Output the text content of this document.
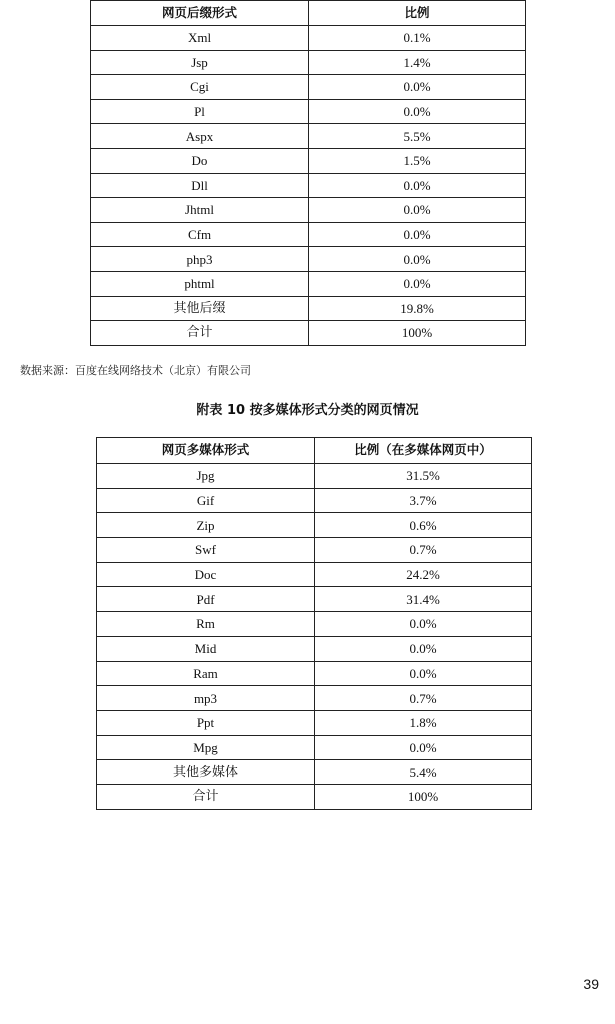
网页后缀形式	比例
Xml	0.1%
Jsp	1.4%
Cgi	0.0%
Pl	0.0%
Aspx	5.5%
Do	1.5%
Dll	0.0%
Jhtml	0.0%
Cfm	0.0%
php3	0.0%
phtml	0.0%
其他后缀	19.8%
合计	100%
数据来源：百度在线网络技术（北京）有限公司
附表 10 按多媒体形式分类的网页情况
网页多媒体形式	比例（在多媒体网页中）
Jpg	31.5%
Gif	3.7%
Zip	0.6%
Swf	0.7%
Doc	24.2%
Pdf	31.4%
Rm	0.0%
Mid	0.0%
Ram	0.0%
mp3	0.7%
Ppt	1.8%
Mpg	0.0%
其他多媒体	5.4%
合计	100%
39
